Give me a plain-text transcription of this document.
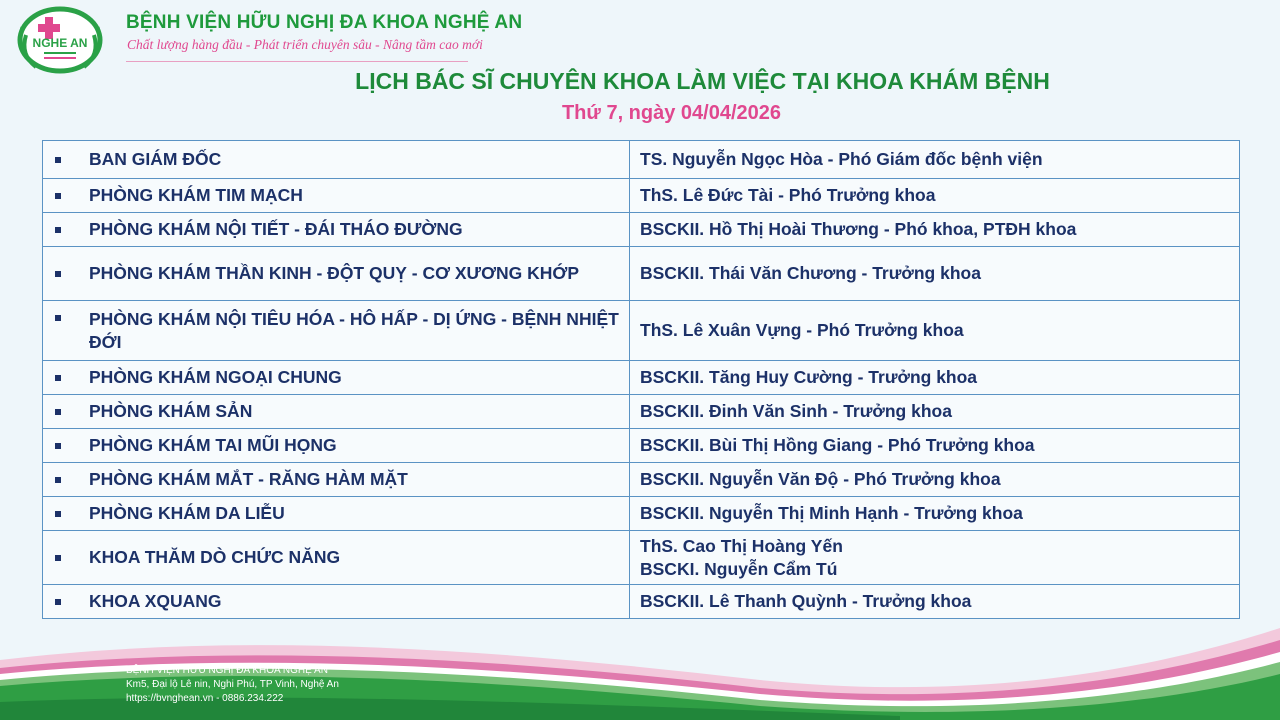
NGHE AN
BỆNH VIỆN HỮU NGHỊ ĐA KHOA NGHỆ AN
Chất lượng hàng đầu - Phát triển chuyên sâu - Nâng tầm cao mới
LỊCH BÁC SĨ CHUYÊN KHOA LÀM VIỆC TẠI KHOA KHÁM BỆNH
Thứ 7, ngày 04/04/2026
BAN GIÁM ĐỐC	TS. Nguyễn Ngọc Hòa - Phó Giám đốc bệnh viện

PHÒNG KHÁM TIM MẠCH	ThS. Lê Đức Tài - Phó Trưởng khoa

PHÒNG KHÁM NỘI TIẾT - ĐÁI THÁO ĐƯỜNG	BSCKII. Hồ Thị Hoài Thương - Phó khoa, PTĐH khoa

PHÒNG KHÁM THẦN KINH - ĐỘT QUỴ - CƠ XƯƠNG KHỚP	BSCKII. Thái Văn Chương - Trưởng khoa

PHÒNG KHÁM NỘI TIÊU HÓA - HÔ HẤP - DỊ ỨNG - BỆNH NHIỆT ĐỚI	ThS. Lê Xuân Vựng - Phó Trưởng khoa

PHÒNG KHÁM NGOẠI CHUNG	BSCKII. Tăng Huy Cường - Trưởng khoa

PHÒNG KHÁM SẢN	BSCKII. Đinh Văn Sinh - Trưởng khoa

PHÒNG KHÁM TAI MŨI HỌNG	BSCKII. Bùi Thị Hồng Giang - Phó Trưởng khoa

PHÒNG KHÁM MẮT - RĂNG HÀM MẶT	BSCKII. Nguyễn Văn Độ - Phó Trưởng khoa

PHÒNG KHÁM DA LIỄU	BSCKII. Nguyễn Thị Minh Hạnh - Trưởng khoa

KHOA THĂM DÒ CHỨC NĂNG	ThS. Cao Thị Hoàng Yến
BSCKI. Nguyễn Cẩm Tú

KHOA XQUANG	BSCKII. Lê Thanh Quỳnh - Trưởng khoa
BỆNH VIỆN HỮU NGHỊ ĐA KHOA NGHỆ AN
Km5, Đại lộ Lê nin, Nghi Phú, TP Vinh, Nghệ An
https://bvnghean.vn - 0886.234.222
